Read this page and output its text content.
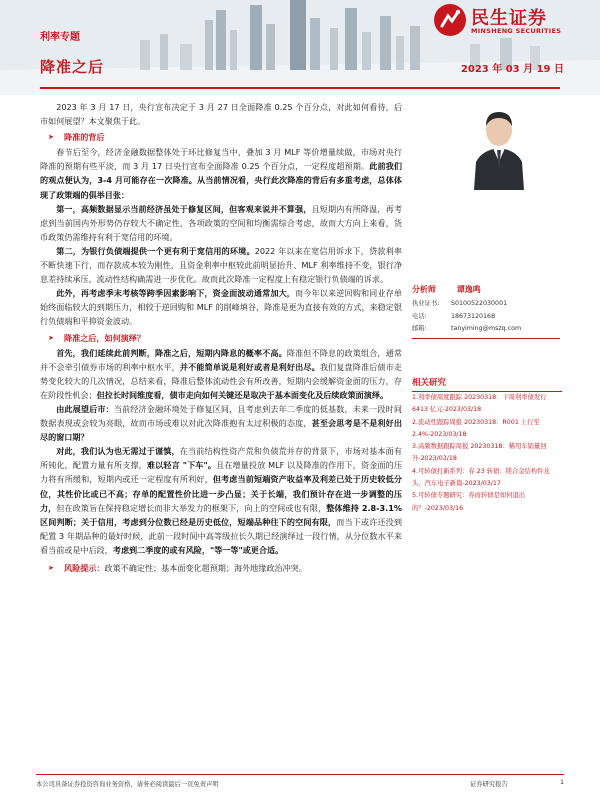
利率专题
降准之后	2023 年 03 月 19 日
民生证券
MINSHENG SECURITIES

2023 年 3 月 17 日，央行宣布决定于 3 月 27 日全面降准 0.25 个百分点，对此如何看待，后市如何展望？本文聚焦于此。

➤ 降准的背后

春节后至今，经济金融数据整体处于环比修复当中，叠加 3 月 MLF 等价增量续做，市场对央行降准的预期有些平淡，而 3 月 17 日央行宣布全面降准 0.25 个百分点，一定程度超预期。此前我们的观点便认为，3-4 月可能存在一次降准。从当前情况看，央行此次降准的背后有多重考虑，总体体现了政策端的俱举目张：

第一，高频数据显示当前经济虽处于修复区间，但客观来说并不算强，且短期内有所降温，再考虑到当前国内外形势仍存较大不确定性，各项政策的空间和均衡需综合考虑，故而大方向上来看，货币政策仍需维持有利于宽信用的环境。

第二，为银行负债端提供一个更有利于宽信用的环境。2022 年以来在宽信用诉求下，贷款利率不断快速下行，而存款成本较为刚性，且资金利率中枢较此前明显抬升、MLF 利率维持不变，银行净息差持续承压，流动性结构确需进一步优化。故而此次降准一定程度上有稳定银行负债端的诉求。

此外，再考虑季末考核等跨季因素影响下，资金面波动通常加大，而今年以来逆回购和同业存单始终面临较大的到期压力，相较于逆回购和 MLF 的削峰填谷，降准是更为直接有效的方式，来稳定银行负债端和平抑资金波动。

➤ 降准之后，如何演绎？

首先，我们延续此前判断，降准之后，短期内降息的概率不高。降准但不降息的政策组合，通常并不会牵引债券市场的利率中枢水平，并不能简单说是利好或者是利好出尽。我们复盘降准后债市走势变化较大的几次情况，总结来看，降准后整体流动性会有所改善，短期内会缓解资金面的压力，存在阶段性机会；但拉长时间维度看，债市走向如何关键还是取决于基本面变化及后续政策面演绎。

由此展望后市：当前经济金融环境处于修复区间，且考虑到去年二季度的低基数，未来一段时间数据表现或会较为亮眼，故而市场或难以对此次降准抱有太过积极的态度，甚至会思考是不是利好出尽的窗口期？

对此，我们认为也无需过于谨慎，在当前结构性资产荒和负债荒并存的背景下，市场对基本面有所钝化，配置力量有所支撑，难以轻言 "下车"。且在增量投放 MLF 以及降准的作用下，资金面的压力将有所缓和，短期内或还一定程度有所利好，但考虑当前短端资产收益率及利差已处于历史较低分位，其性价比或已不高；存单的配置性价比进一步凸显；关于长端，我们预计存在进一步调整的压力，但在政策旨在保持稳定增长而非大举发力的框架下，向上的空间或也有限，整体维持 2.8-3.1%区间判断；关于信用，考虑到分位数已经是历史低位，短端品种往下的空间有限，而当下或许还没到配置 3 年期品种的最好时候，此前一段时间中高等级拉长久期已经演绎过一段行情，从分位数水平来看当前或是中后段，考虑到二季度的或有风险，"等一等"或更合适。

➤ 风险提示：政策不确定性；基本面变化超预期；海外地缘政治冲突。
分析师	谭逸鸣
执业证书: S0100522030001
电话:	18673120168
邮箱:	tanyiming@mszq.com
相关研究
1.利率债周度跟踪 20230318：下周利率债发行 6413 亿元-2023/03/18
2.流动性跟踪周报 20230318：R001 上行至 2.4%-2023/03/18
3.高频数据跟踪周报 20230318：稀用车销量回升-2023/03/18
4.可转债打新系列：春 23 转债：镁合金结构件龙头，汽车电子新篇-2023/03/17
5.可转债专题研究：券商转债是如何退出的？-2023/03/16
本公司具备证券投资咨询业务资格，请务必阅读最后一页免责声明	证券研究报告	1
